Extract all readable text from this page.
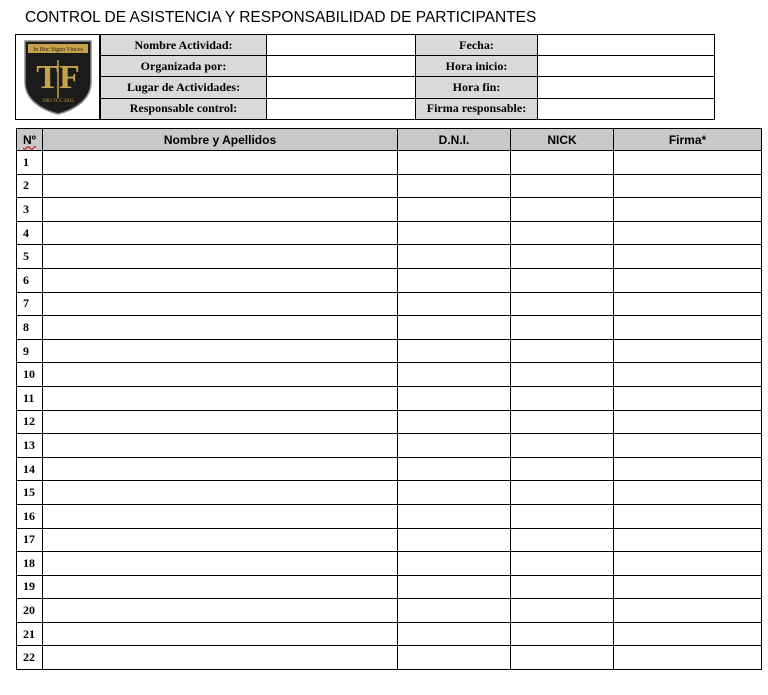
CONTROL DE ASISTENCIA Y RESPONSABILIDAD DE PARTICIPANTES
In Hoc Signo Vinces
TF
1983 TCC 2015
Nombre Actividad:		Fecha:	
Organizada por:		Hora inicio:	
Lugar de Actividades:		Hora fin:	
Responsable control:		Firma responsable:	
Nº	Nombre y Apellidos	D.N.I.	NICK	Firma*
1				
2				
3				
4				
5				
6				
7				
8				
9				
10				
11				
12				
13				
14				
15				
16				
17				
18				
19				
20				
21				
22				
